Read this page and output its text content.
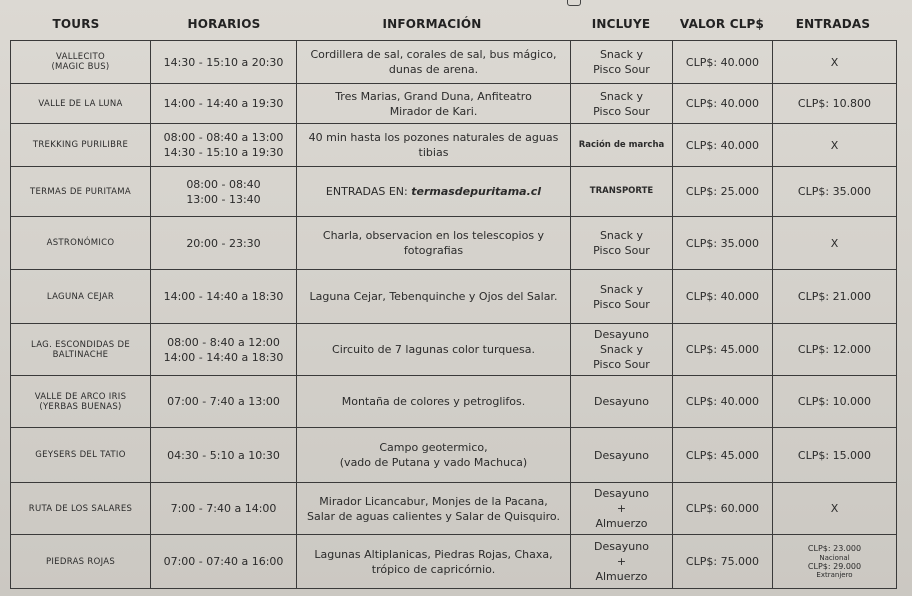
TOURS	HORARIOS	INFORMACIÓN	INCLUYE	VALOR CLP$	ENTRADAS
VALLECITO
(MAGIC BUS)	14:30 - 15:10 a 20:30	Cordillera de sal, corales de sal, bus mágico,
dunas de arena.	Snack y
Pisco Sour	CLP$: 40.000	X

VALLE DE LA LUNA	14:00 - 14:40 a 19:30	Tres Marias, Grand Duna, Anfiteatro
Mirador de Kari.	Snack y
Pisco Sour	CLP$: 40.000	CLP$: 10.800

TREKKING PURILIBRE	08:00 - 08:40 a 13:00
14:30 - 15:10 a 19:30	40 min hasta los pozones naturales de aguas
tibias	Ración de marcha	CLP$: 40.000	X

TERMAS DE PURITAMA	08:00 - 08:40
13:00 - 13:40	ENTRADAS EN: termasdepuritama.cl	TRANSPORTE	CLP$: 25.000	CLP$: 35.000

ASTRONÓMICO	20:00 - 23:30	Charla, observacion en los telescopios y
fotografias	Snack y
Pisco Sour	CLP$: 35.000	X

LAGUNA CEJAR	14:00 - 14:40 a 18:30	Laguna Cejar, Tebenquinche y Ojos del Salar.	Snack y
Pisco Sour	CLP$: 40.000	CLP$: 21.000

LAG. ESCONDIDAS DE
BALTINACHE	08:00 - 8:40 a 12:00
14:00 - 14:40 a 18:30	Circuito de 7 lagunas color turquesa.	Desayuno
Snack y
Pisco Sour	CLP$: 45.000	CLP$: 12.000

VALLE DE ARCO IRIS
(YERBAS BUENAS)	07:00 - 7:40 a 13:00	Montaña de colores y petroglifos.	Desayuno	CLP$: 40.000	CLP$: 10.000

GEYSERS DEL TATIO	04:30 - 5:10 a 10:30	Campo geotermico,
(vado de Putana y vado Machuca)	Desayuno	CLP$: 45.000	CLP$: 15.000

RUTA DE LOS SALARES	7:00 - 7:40 a 14:00	Mirador Licancabur, Monjes de la Pacana,
Salar de aguas calientes y Salar de Quisquiro.	Desayuno
+
Almuerzo	CLP$: 60.000	X

PIEDRAS ROJAS	07:00 - 07:40 a 16:00	Lagunas Altiplanicas, Piedras Rojas, Chaxa,
trópico de capricórnio.	Desayuno
+
Almuerzo	CLP$: 75.000	CLP$: 23.000
Nacional
CLP$: 29.000
Extranjero
